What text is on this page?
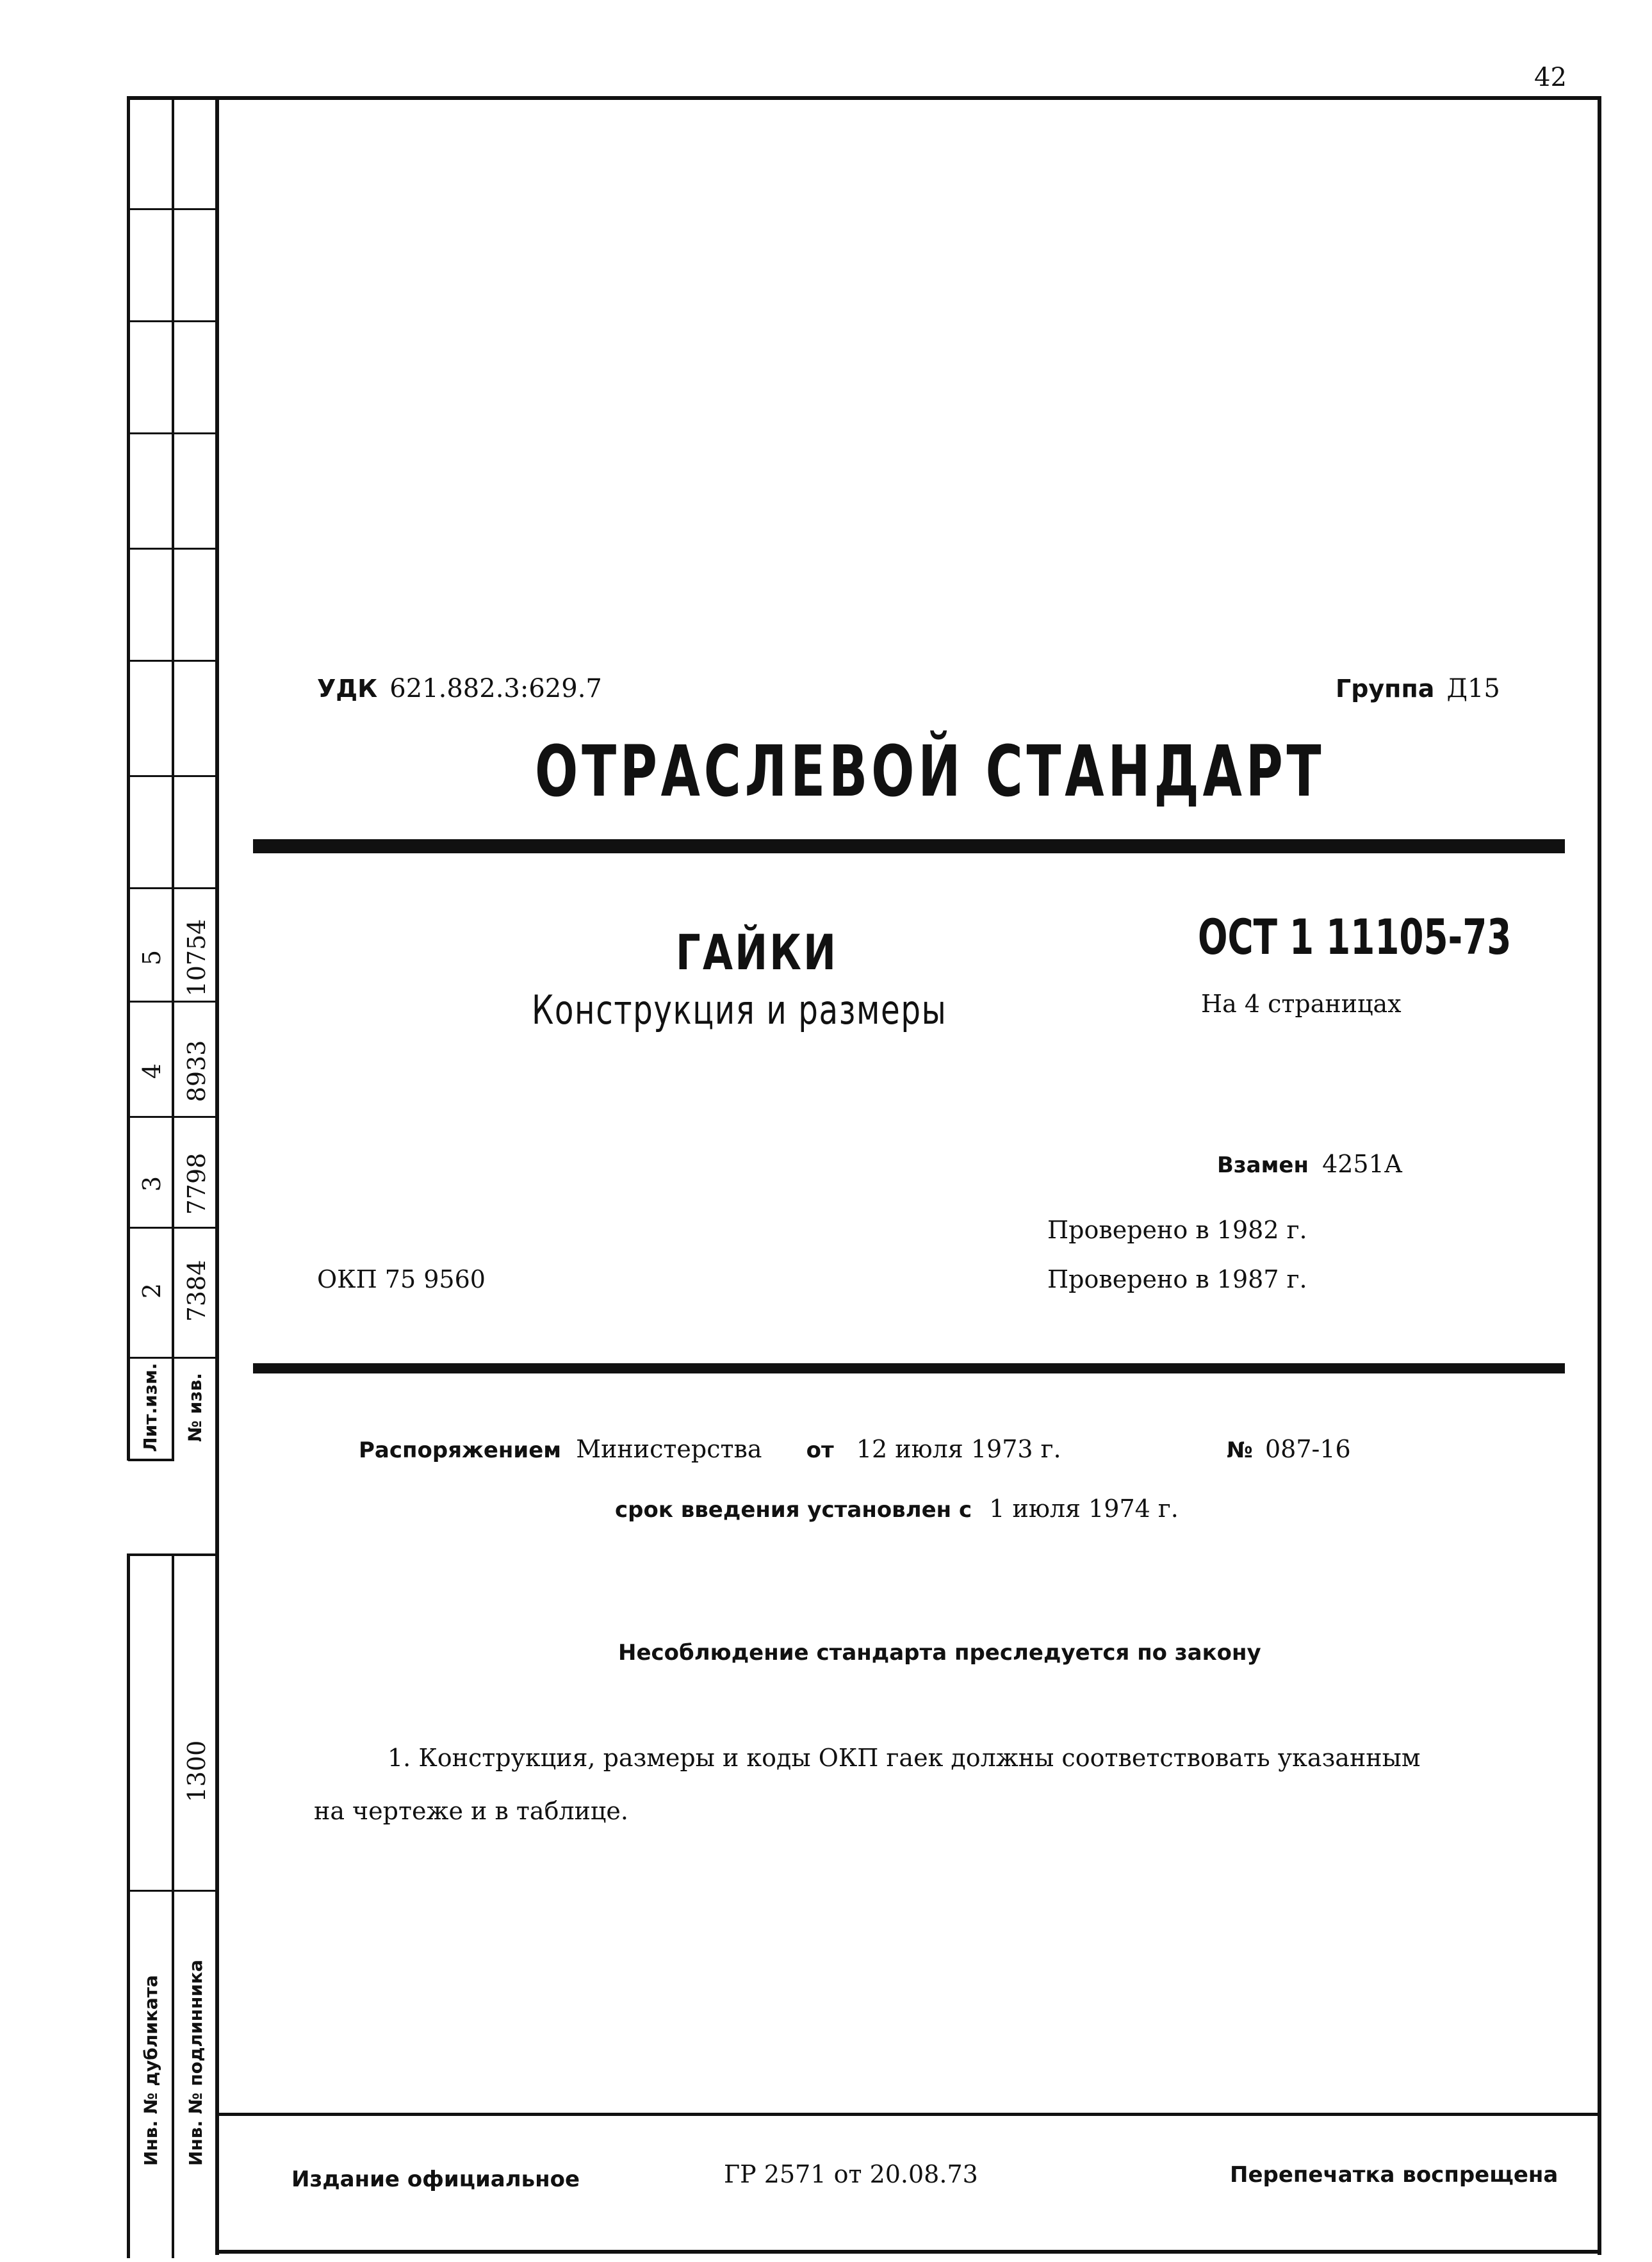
42
5 10754
4 8933
3 7798
2 7384
Лит.изм. № изв.
1300
Инв. № дубликата Инв. № подлинника
УДК 621.882.3:629.7	Группа Д15
ОТРАСЛЕВОЙ СТАНДАРТ
ГАЙКИ
Конструкция и размеры
ОСТ 1 11105-73
На 4 страницах
Взамен 4251А
Проверено в 1982 г.
Проверено в 1987 г.
ОКП 75 9560
Распоряжением Министерства от 12 июля 1973 г.	№ 087-16
срок введения установлен с 1 июля 1974 г.
Несоблюдение стандарта преследуется по закону
1. Конструкция, размеры и коды ОКП гаек должны соответствовать указанным
на чертеже и в таблице.
Издание официальное	ГР 2571 от 20.08.73	Перепечатка воспрещена
